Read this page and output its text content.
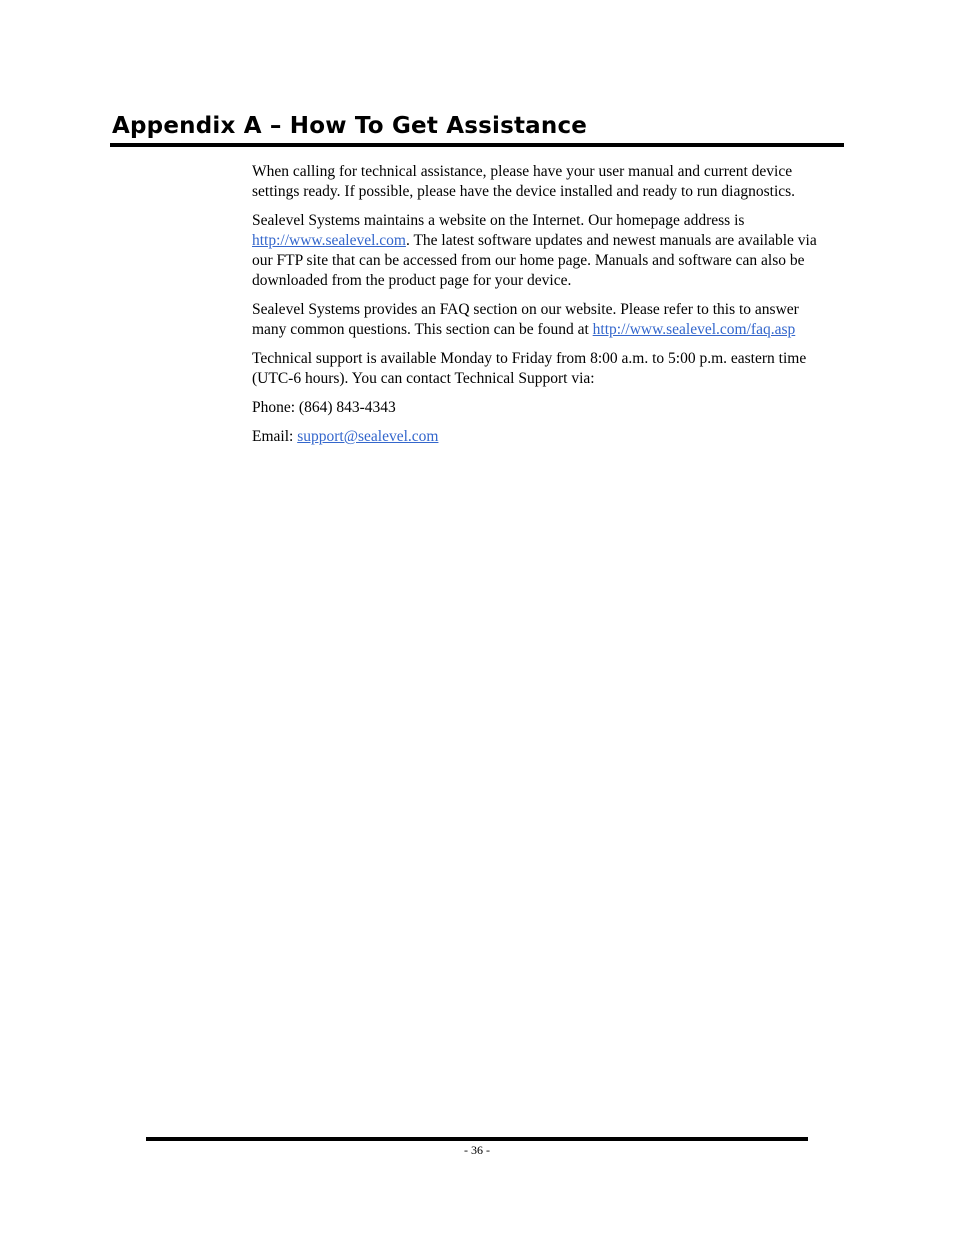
Appendix A – How To Get Assistance

When calling for technical assistance, please have your user manual and current device settings ready. If possible, please have the device installed and ready to run diagnostics.

Sealevel Systems maintains a website on the Internet. Our homepage address is http://www.sealevel.com. The latest software updates and newest manuals are available via our FTP site that can be accessed from our home page. Manuals and software can also be downloaded from the product page for your device.

Sealevel Systems provides an FAQ section on our website. Please refer to this to answer many common questions. This section can be found at http://www.sealevel.com/faq.asp

Technical support is available Monday to Friday from 8:00 a.m. to 5:00 p.m. eastern time (UTC-6 hours). You can contact Technical Support via:

Phone: (864) 843-4343

Email: support@sealevel.com

- 36 -
